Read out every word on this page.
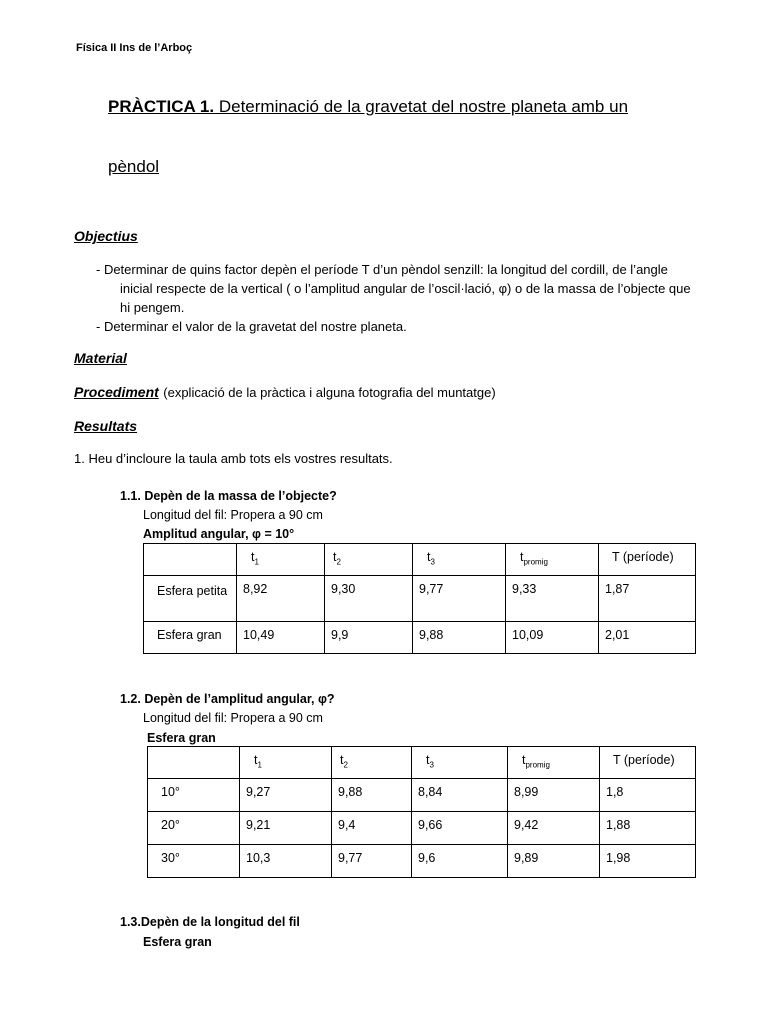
Física II Ins de l’Arboç
PRÀCTICA 1. Determinació de la gravetat del nostre planeta amb un
pèndol
Objectius
- Determinar de quins factor depèn el període T d’un pèndol senzill: la longitud del cordill, de l’angle
inicial respecte de la vertical ( o l’amplitud angular de l’oscil·lació, φ) o de la massa de l’objecte que
hi pengem.
- Determinar el valor de la gravetat del nostre planeta.
Material
Procediment (explicació de la pràctica i alguna fotografia del muntatge)
Resultats
1. Heu d’incloure la taula amb tots els vostres resultats.
1.1. Depèn de la massa de l’objecte?
Longitud del fil: Propera a 90 cm
Amplitud angular, φ = 10°
	$t_1$	$t_2$	$t_3$	$t_{promig}$	T (període)
Esfera petita	8,92	9,30	9,77	9,33	1,87
Esfera gran	10,49	9,9	9,88	10,09	2,01
1.2. Depèn de l’amplitud angular, φ?
Longitud del fil: Propera a 90 cm
Esfera gran
	$t_1$	$t_2$	$t_3$	$t_{promig}$	T (període)
10°	9,27	9,88	8,84	8,99	1,8
20°	9,21	9,4	9,66	9,42	1,88
30°	10,3	9,77	9,6	9,89	1,98
1.3.Depèn de la longitud del fil
Esfera gran
